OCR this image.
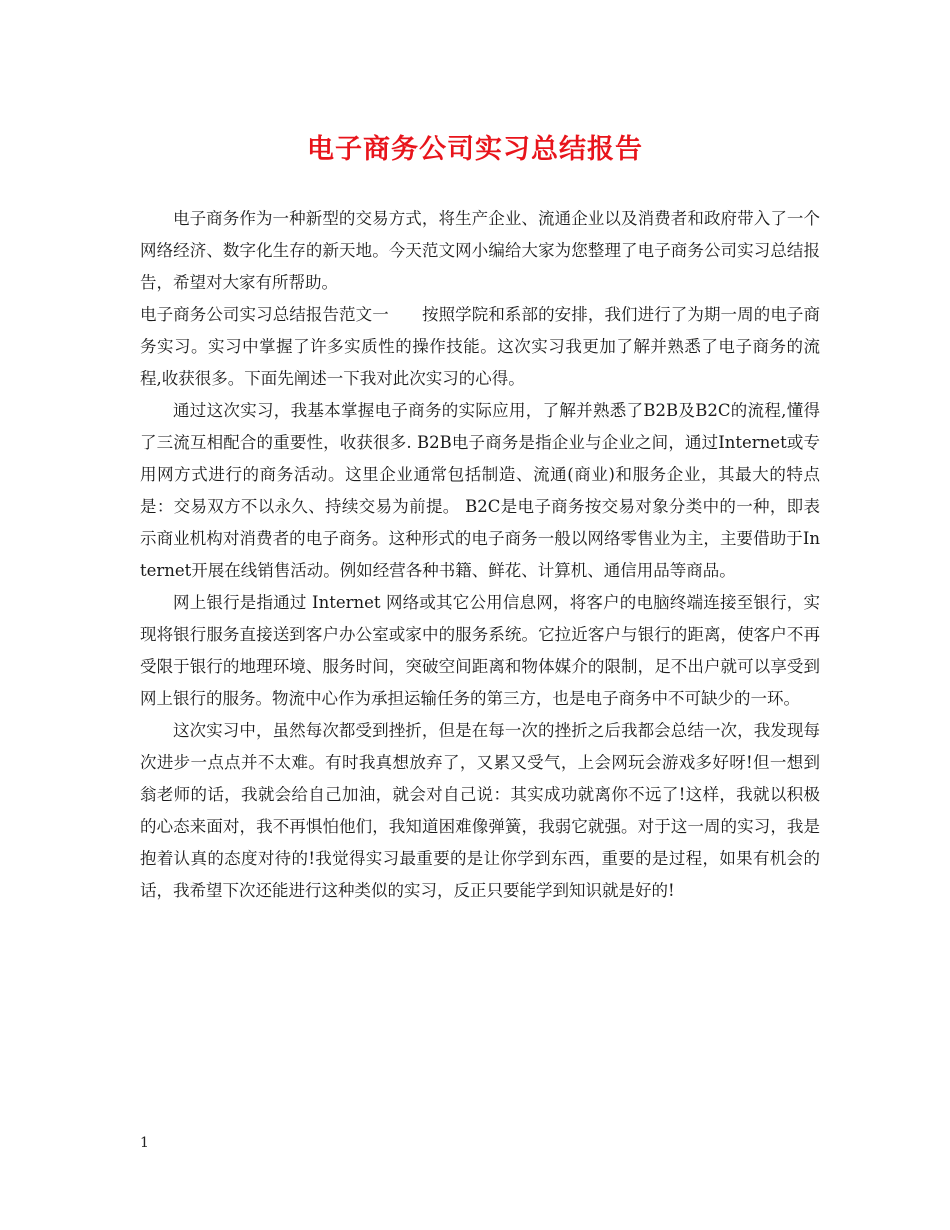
电子商务公司实习总结报告

电子商务作为一种新型的交易方式，将生产企业、流通企业以及消费者和政府带入了一个网络经济、数字化生存的新天地。今天范文网小编给大家为您整理了电子商务公司实习总结报告，希望对大家有所帮助。

电子商务公司实习总结报告范文一　　按照学院和系部的安排，我们进行了为期一周的电子商务实习。实习中掌握了许多实质性的操作技能。这次实习我更加了解并熟悉了电子商务的流程,收获很多。下面先阐述一下我对此次实习的心得。

通过这次实习，我基本掌握电子商务的实际应用，了解并熟悉了B2B及B2C的流程,懂得了三流互相配合的重要性，收获很多. B2B电子商务是指企业与企业之间，通过Internet或专用网方式进行的商务活动。这里企业通常包括制造、流通(商业)和服务企业，其最大的特点是：交易双方不以永久、持续交易为前提。 B2C是电子商务按交易对象分类中的一种，即表示商业机构对消费者的电子商务。这种形式的电子商务一般以网络零售业为主，主要借助于Internet开展在线销售活动。例如经营各种书籍、鲜花、计算机、通信用品等商品。

网上银行是指通过 Internet 网络或其它公用信息网，将客户的电脑终端连接至银行，实现将银行服务直接送到客户办公室或家中的服务系统。它拉近客户与银行的距离，使客户不再受限于银行的地理环境、服务时间，突破空间距离和物体媒介的限制，足不出户就可以享受到网上银行的服务。物流中心作为承担运输任务的第三方，也是电子商务中不可缺少的一环。

这次实习中，虽然每次都受到挫折，但是在每一次的挫折之后我都会总结一次，我发现每次进步一点点并不太难。有时我真想放弃了，又累又受气，上会网玩会游戏多好呀!但一想到翁老师的话，我就会给自己加油，就会对自己说：其实成功就离你不远了!这样，我就以积极的心态来面对，我不再惧怕他们，我知道困难像弹簧，我弱它就强。对于这一周的实习，我是抱着认真的态度对待的!我觉得实习最重要的是让你学到东西，重要的是过程，如果有机会的话，我希望下次还能进行这种类似的实习，反正只要能学到知识就是好的!

1
